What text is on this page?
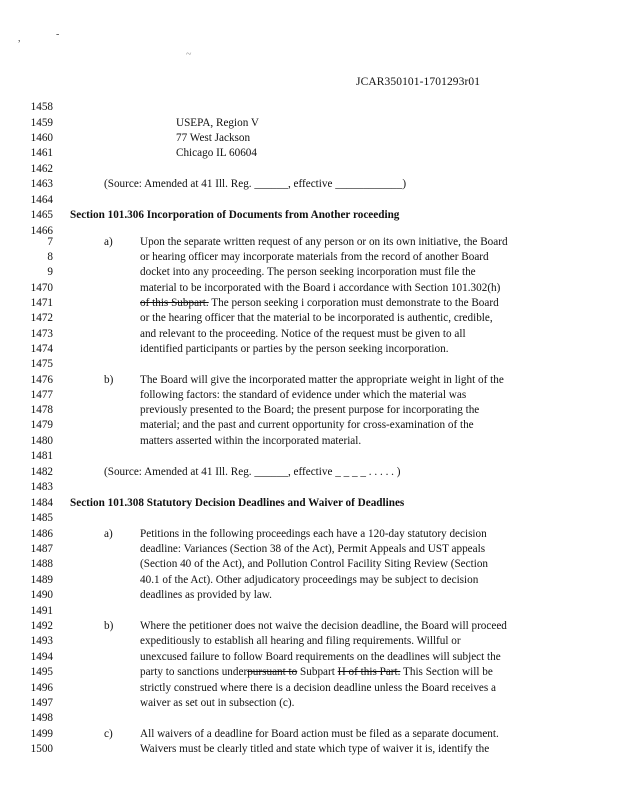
,	-
~
JCAR350101-1701293r01
1458
1459	USEPA, Region V
1460	77 West Jackson
1461	Chicago IL 60604
1462
1463	(Source: Amended at 41 Ill. Reg. ______, effective ____________)
1464
1465 Section 101.306 Incorporation of Documents from Another roceeding
1466
7	a) Upon the separate written request of any person or on its own initiative, the Board
8	or hearing officer may incorporate materials from the record of another Board
9	docket into any proceeding. The person seeking incorporation must file the
1470	material to be incorporated with the Board i accordance with Section 101.302(h)
1471	of this Subpart. The person seeking i corporation must demonstrate to the Board
1472	or the hearing officer that the material to be incorporated is authentic, credible,
1473	and relevant to the proceeding. Notice of the request must be given to all
1474	identified participants or parties by the person seeking incorporation.
1475
1476	b) The Board will give the incorporated matter the appropriate weight in light of the
1477	following factors: the standard of evidence under which the material was
1478	previously presented to the Board; the present purpose for incorporating the
1479	material; and the past and current opportunity for cross-examination of the
1480	matters asserted within the incorporated material.
1481
1482	(Source: Amended at 41 Ill. Reg. ______, effective _ _ _ _ . . . . . )
1483
1484 Section 101.308 Statutory Decision Deadlines and Waiver of Deadlines
1485
1486	a) Petitions in the following proceedings each have a 120-day statutory decision
1487	deadline: Variances (Section 38 of the Act), Permit Appeals and UST appeals
1488	(Section 40 of the Act), and Pollution Control Facility Siting Review (Section
1489	40.1 of the Act). Other adjudicatory proceedings may be subject to decision
1490	deadlines as provided by law.
1491
1492	b) Where the petitioner does not waive the decision deadline, the Board will proceed
1493	expeditiously to establish all hearing and filing requirements. Willful or
1494	unexcused failure to follow Board requirements on the deadlines will subject the
1495	party to sanctions underpursuant to Subpart H of this Part. This Section will be
1496	strictly construed where there is a decision deadline unless the Board receives a
1497	waiver as set out in subsection (c).
1498
1499	c) All waivers of a deadline for Board action must be filed as a separate document.
1500	Waivers must be clearly titled and state which type of waiver it is, identify the
